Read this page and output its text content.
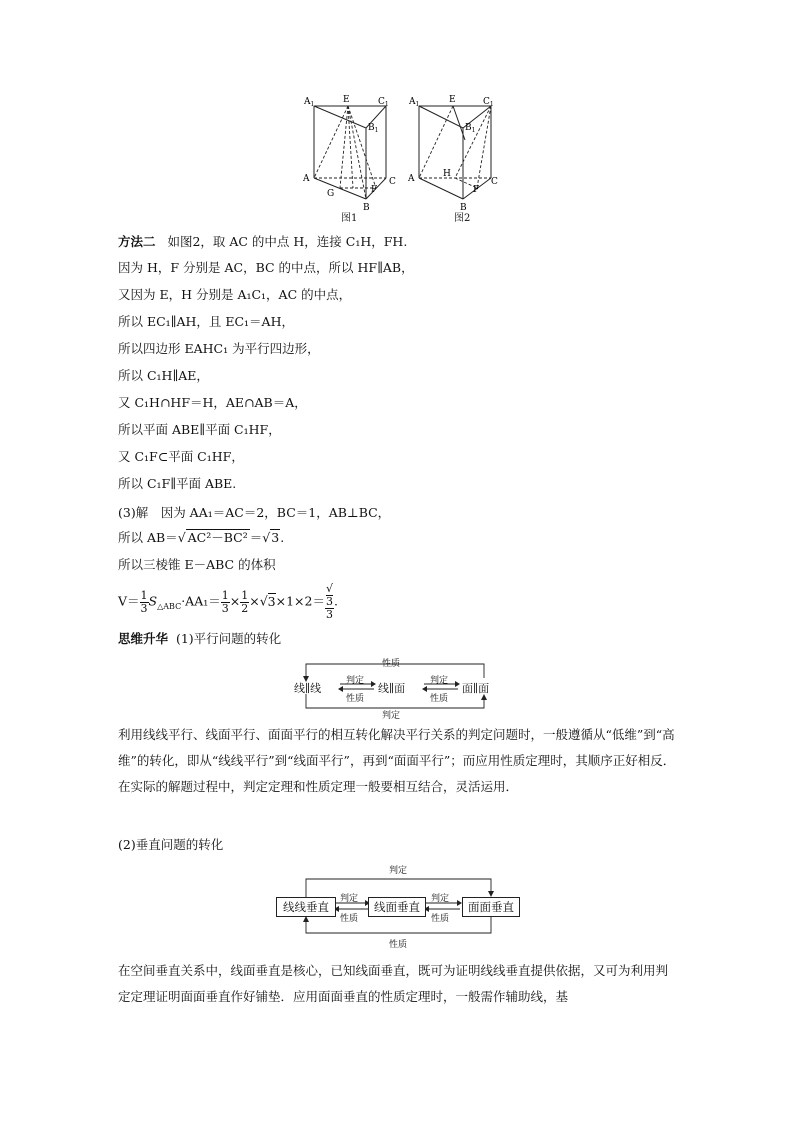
$A_1$	E	$C_1$
$B_1$
A
G
B
F
C
图1
$A_1$	E	$C_1$
$B_1$
A	H
B
F
C
图2
方法二 如图2，取 AC 的中点 H，连接 C₁H，FH.
因为 H，F 分别是 AC，BC 的中点，所以 HF∥AB，
又因为 E，H 分别是 A₁C₁，AC 的中点，
所以 EC₁∥AH，且 EC₁＝AH，
所以四边形 EAHC₁ 为平行四边形，
所以 C₁H∥AE，
又 C₁H∩HF＝H，AE∩AB＝A，
所以平面 ABE∥平面 C₁HF，
又 C₁F⊂平面 C₁HF，
所以 C₁F∥平面 ABE.
(3)解　因为 AA₁＝AC＝2，BC＝1，AB⊥BC，
所以 AB＝√ AC²－BC² ＝√3.
所以三棱锥 E－ABC 的体积
$V= \frac{1}{3} S_{\triangle ABC}\cdot AA_1= \frac{1}{3} \times \frac{1}{2} \times√3\times 1\times 2=$ √
3
3 .
思维升华 (1)平行问题的转化
性质
线∥线	线∥面	面∥面
判定
性质
判定
性质
判定
利用线线平行、线面平行、面面平行的相互转化解决平行关系的判定问题时，一般遵循从“低维”到“高维”的转化，即从“线线平行”到“线面平行”，再到“面面平行”；而应用性质定理时，其顺序正好相反．在实际的解题过程中，判定定理和性质定理一般要相互结合，灵活运用．
(2)垂直问题的转化
判定
线线垂直	线面垂直	面面垂直
判定
性质
判定
性质
性质
在空间垂直关系中，线面垂直是核心，已知线面垂直，既可为证明线线垂直提供依据，又可为利用判定定理证明面面垂直作好铺垫．应用面面垂直的性质定理时，一般需作辅助线，基
